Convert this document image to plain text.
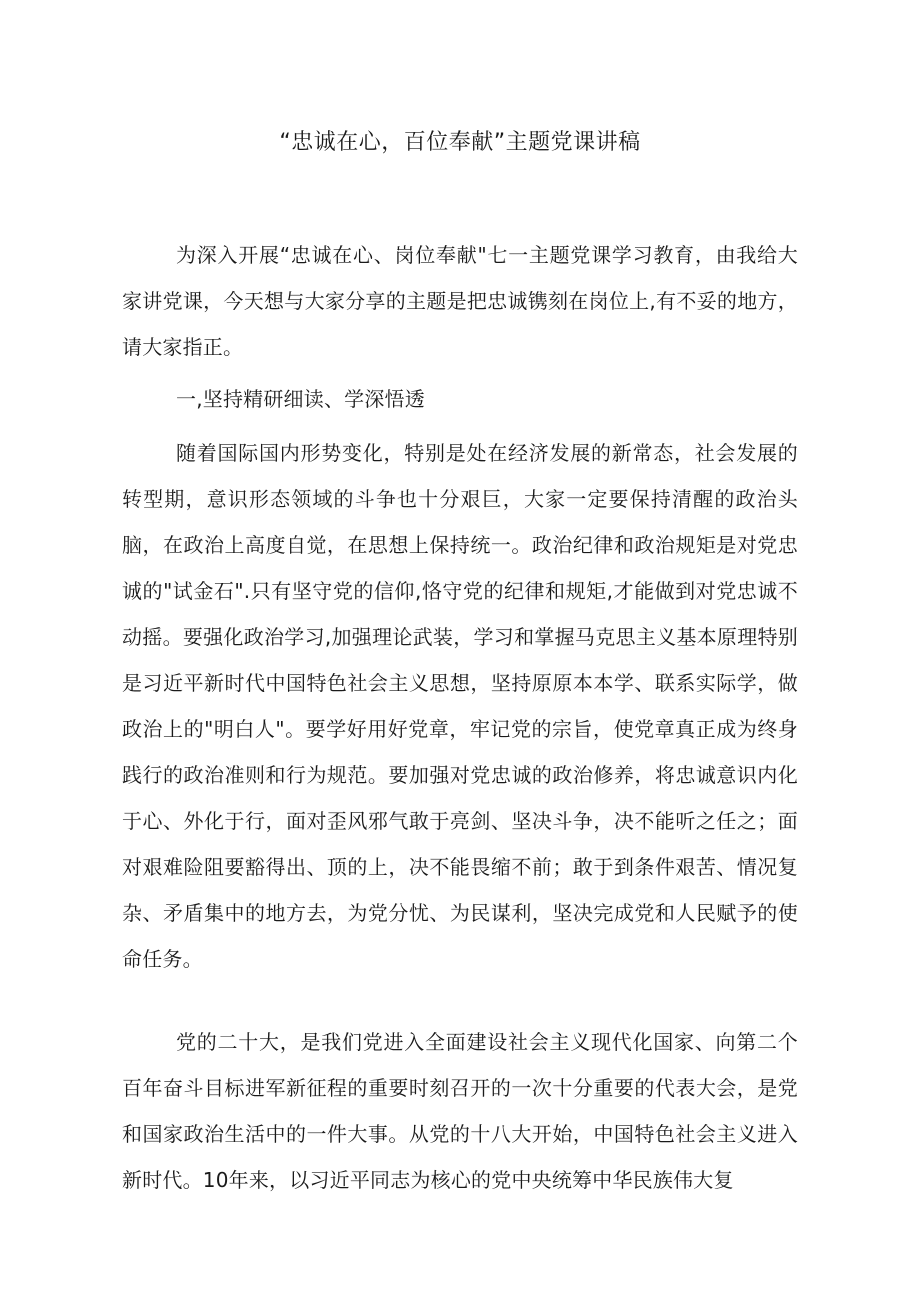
“忠诚在心，百位奉献”主题党课讲稿

为深入开展“忠诚在心、岗位奉献"七一主题党课学习教育，由我给大家讲党课，今天想与大家分享的主题是把忠诚镌刻在岗位上,有不妥的地方，请大家指正。

一,坚持精研细读、学深悟透

随着国际国内形势变化，特别是处在经济发展的新常态，社会发展的转型期，意识形态领域的斗争也十分艰巨，大家一定要保持清醒的政治头脑，在政治上高度自觉，在思想上保持统一。政治纪律和政治规矩是对党忠诚的"试金石".只有坚守党的信仰,恪守党的纪律和规矩,才能做到对党忠诚不动摇。要强化政治学习,加强理论武装，学习和掌握马克思主义基本原理特别是习近平新时代中国特色社会主义思想，坚持原原本本学、联系实际学，做政治上的"明白人"。要学好用好党章，牢记党的宗旨，使党章真正成为终身践行的政治准则和行为规范。要加强对党忠诚的政治修养，将忠诚意识内化于心、外化于行，面对歪风邪气敢于亮剑、坚决斗争，决不能听之任之；面对艰难险阻要豁得出、顶的上，决不能畏缩不前；敢于到条件艰苦、情况复杂、矛盾集中的地方去，为党分忧、为民谋利，坚决完成党和人民赋予的使命任务。

党的二十大，是我们党进入全面建设社会主义现代化国家、向第二个百年奋斗目标进军新征程的重要时刻召开的一次十分重要的代表大会，是党和国家政治生活中的一件大事。从党的十八大开始，中国特色社会主义进入新时代。10年来，以习近平同志为核心的党中央统筹中华民族伟大复
